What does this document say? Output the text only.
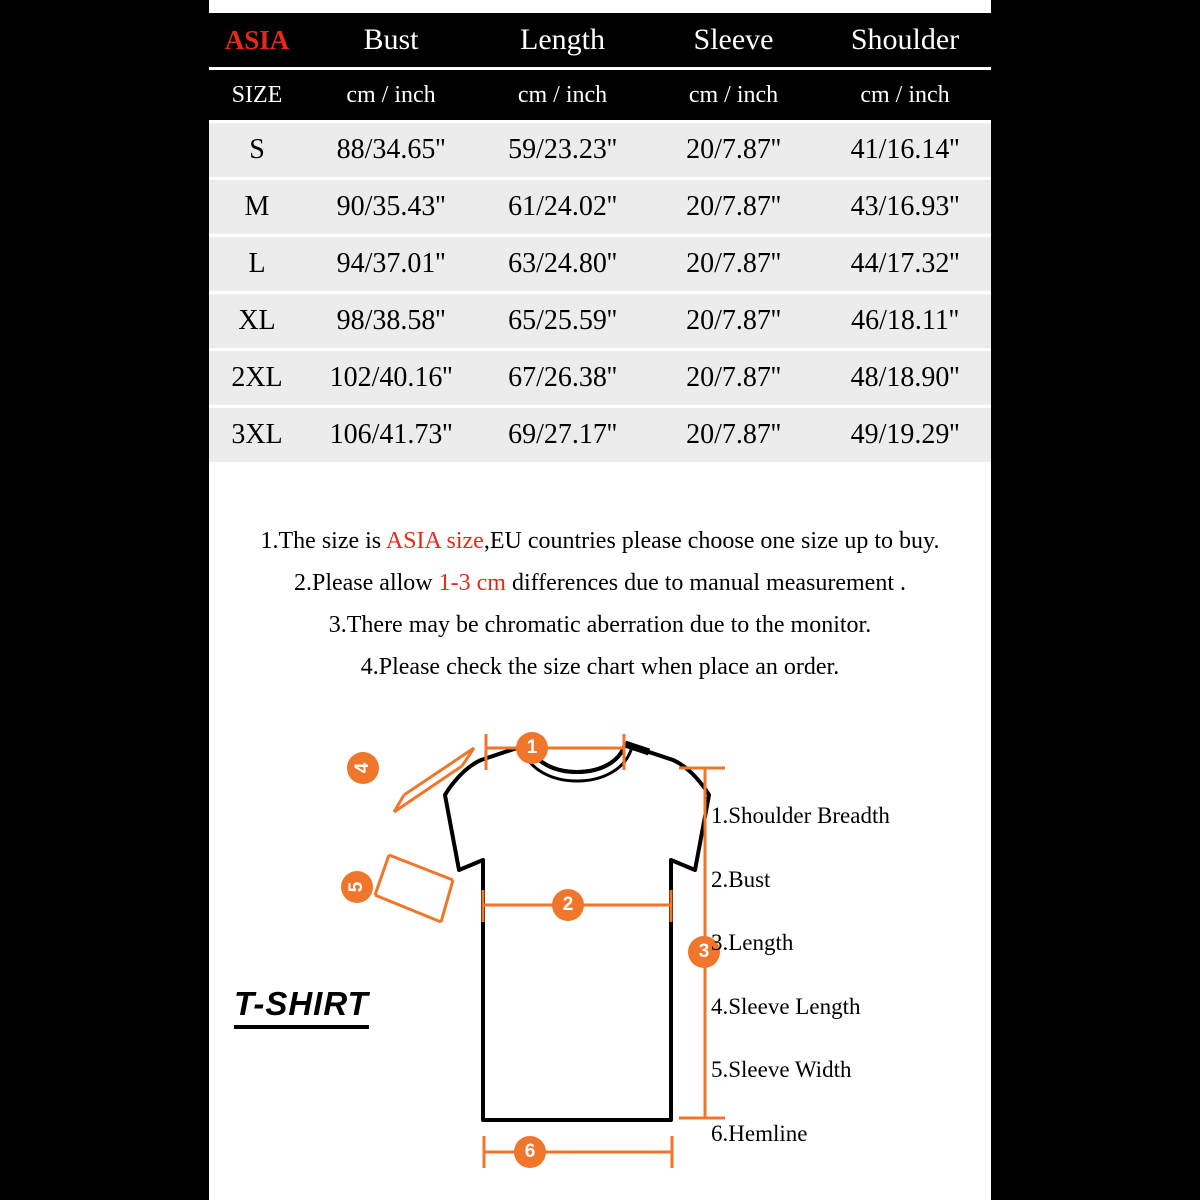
ASIA	Bust	Length	Sleeve	Shoulder
SIZE	cm / inch	cm / inch	cm / inch	cm / inch
S	88/34.65''	59/23.23''	20/7.87''	41/16.14''
M	90/35.43''	61/24.02''	20/7.87''	43/16.93''
L	94/37.01''	63/24.80''	20/7.87''	44/17.32''
XL	98/38.58''	65/25.59''	20/7.87''	46/18.11''
2XL	102/40.16''	67/26.38''	20/7.87''	48/18.90''
3XL	106/41.73''	69/27.17''	20/7.87''	49/19.29''
1.The size is ASIA size,EU countries please choose one size up to buy.
2.Please allow 1-3 cm differences due to manual measurement .
3.There may be chromatic aberration due to the monitor.
4.Please check the size chart when place an order.
1
2
3
4
5
6
T-SHIRT
1.Shoulder Breadth
2.Bust
3.Length
4.Sleeve Length
5.Sleeve Width
6.Hemline
